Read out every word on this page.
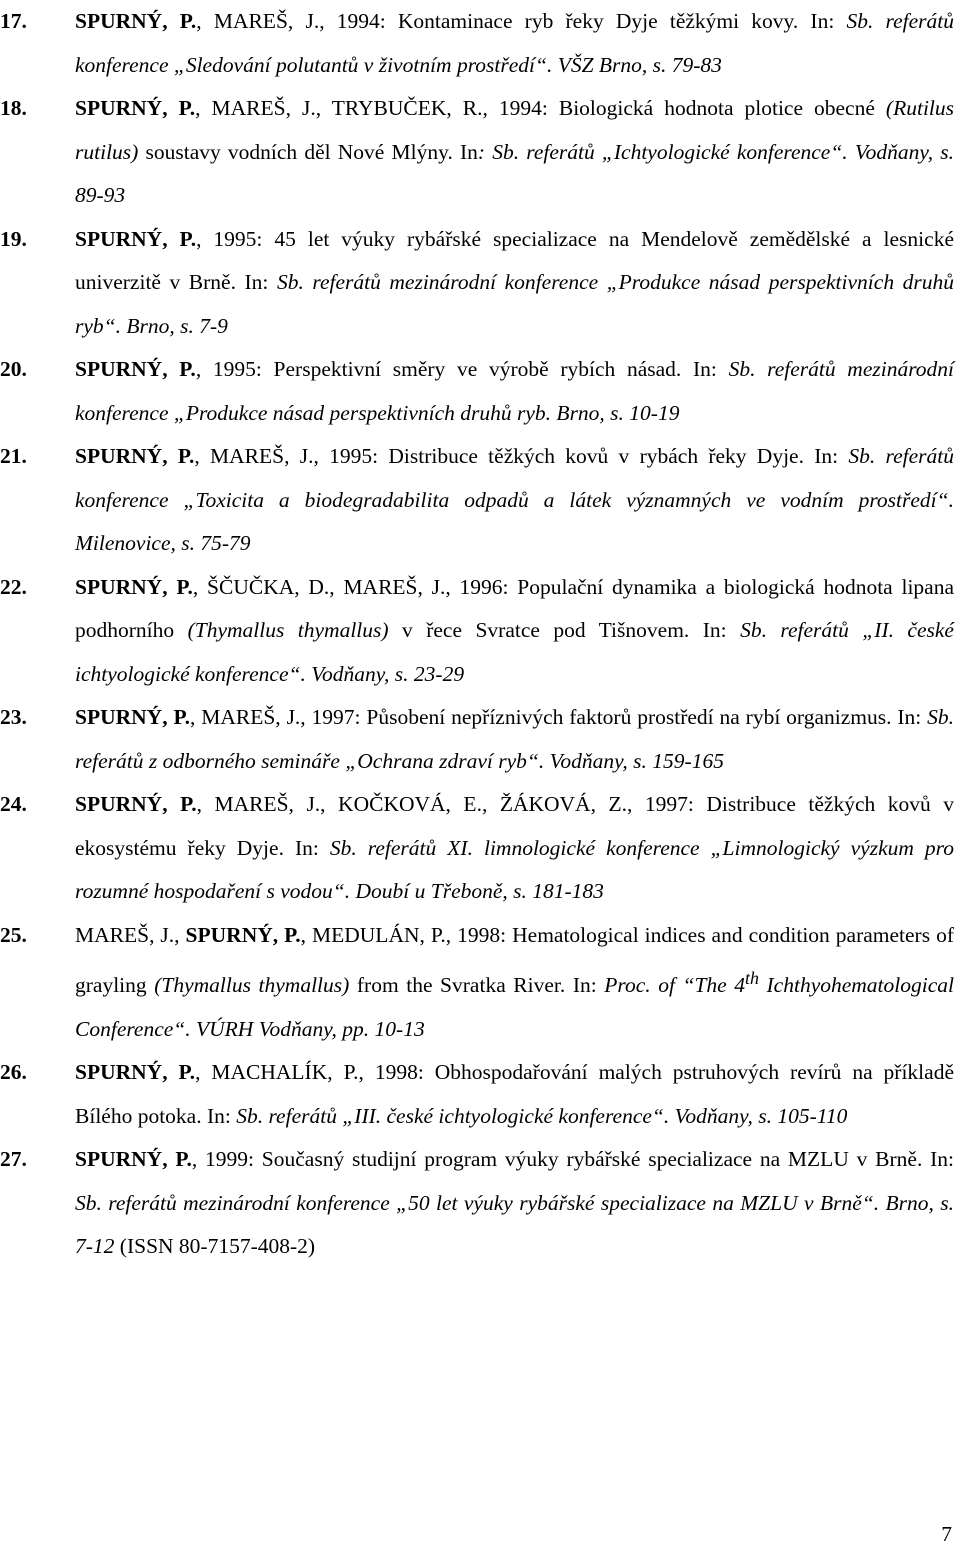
17. SPURNÝ, P., MAREŠ, J., 1994: Kontaminace ryb řeky Dyje těžkými kovy. In: Sb. referátů konference „Sledování polutantů v životním prostředí“. VŠZ Brno, s. 79-83
18. SPURNÝ, P., MAREŠ, J., TRYBUČEK, R., 1994: Biologická hodnota plotice obecné (Rutilus rutilus) soustavy vodních děl Nové Mlýny. In: Sb. referátů „Ichtyologické konference“. Vodňany, s. 89-93
19. SPURNÝ, P., 1995: 45 let výuky rybářské specializace na Mendelově zemědělské a lesnické univerzitě v Brně. In: Sb. referátů mezinárodní konference „Produkce násad perspektivních druhů ryb“. Brno, s. 7-9
20. SPURNÝ, P., 1995: Perspektivní směry ve výrobě rybích násad. In: Sb. referátů mezinárodní konference „Produkce násad perspektivních druhů ryb. Brno, s. 10-19
21. SPURNÝ, P., MAREŠ, J., 1995: Distribuce těžkých kovů v rybách řeky Dyje. In: Sb. referátů konference „Toxicita a biodegradabilita odpadů a látek významných ve vodním prostředí“. Milenovice, s. 75-79
22. SPURNÝ, P., ŠČUČKA, D., MAREŠ, J., 1996: Populační dynamika a biologická hodnota lipana podhorního (Thymallus thymallus) v řece Svratce pod Tišnovem. In: Sb. referátů „II. české ichtyologické konference“. Vodňany, s. 23-29
23. SPURNÝ, P., MAREŠ, J., 1997: Působení nepříznivých faktorů prostředí na rybí organizmus. In: Sb. referátů z odborného semináře „Ochrana zdraví ryb“. Vodňany, s. 159-165
24. SPURNÝ, P., MAREŠ, J., KOČKOVÁ, E., ŽÁKOVÁ, Z., 1997: Distribuce těžkých kovů v ekosystému řeky Dyje. In: Sb. referátů XI. limnologické konference „Limnologický výzkum pro rozumné hospodaření s vodou“. Doubí u Třeboně, s. 181-183
25. MAREŠ, J., SPURNÝ, P., MEDULÁN, P., 1998: Hematological indices and condition parameters of grayling (Thymallus thymallus) from the Svratka River. In: Proc. of “The 4th Ichthyohematological Conference“. VÚRH Vodňany, pp. 10-13
26. SPURNÝ, P., MACHALÍK, P., 1998: Obhospodařování malých pstruhových revírů na příkladě Bílého potoka. In: Sb. referátů „III. české ichtyologické konference“. Vodňany, s. 105-110
27. SPURNÝ, P., 1999: Současný studijní program výuky rybářské specializace na MZLU v Brně. In: Sb. referátů mezinárodní konference „50 let výuky rybářské specializace na MZLU v Brně“. Brno, s. 7-12 (ISSN 80-7157-408-2)
7
